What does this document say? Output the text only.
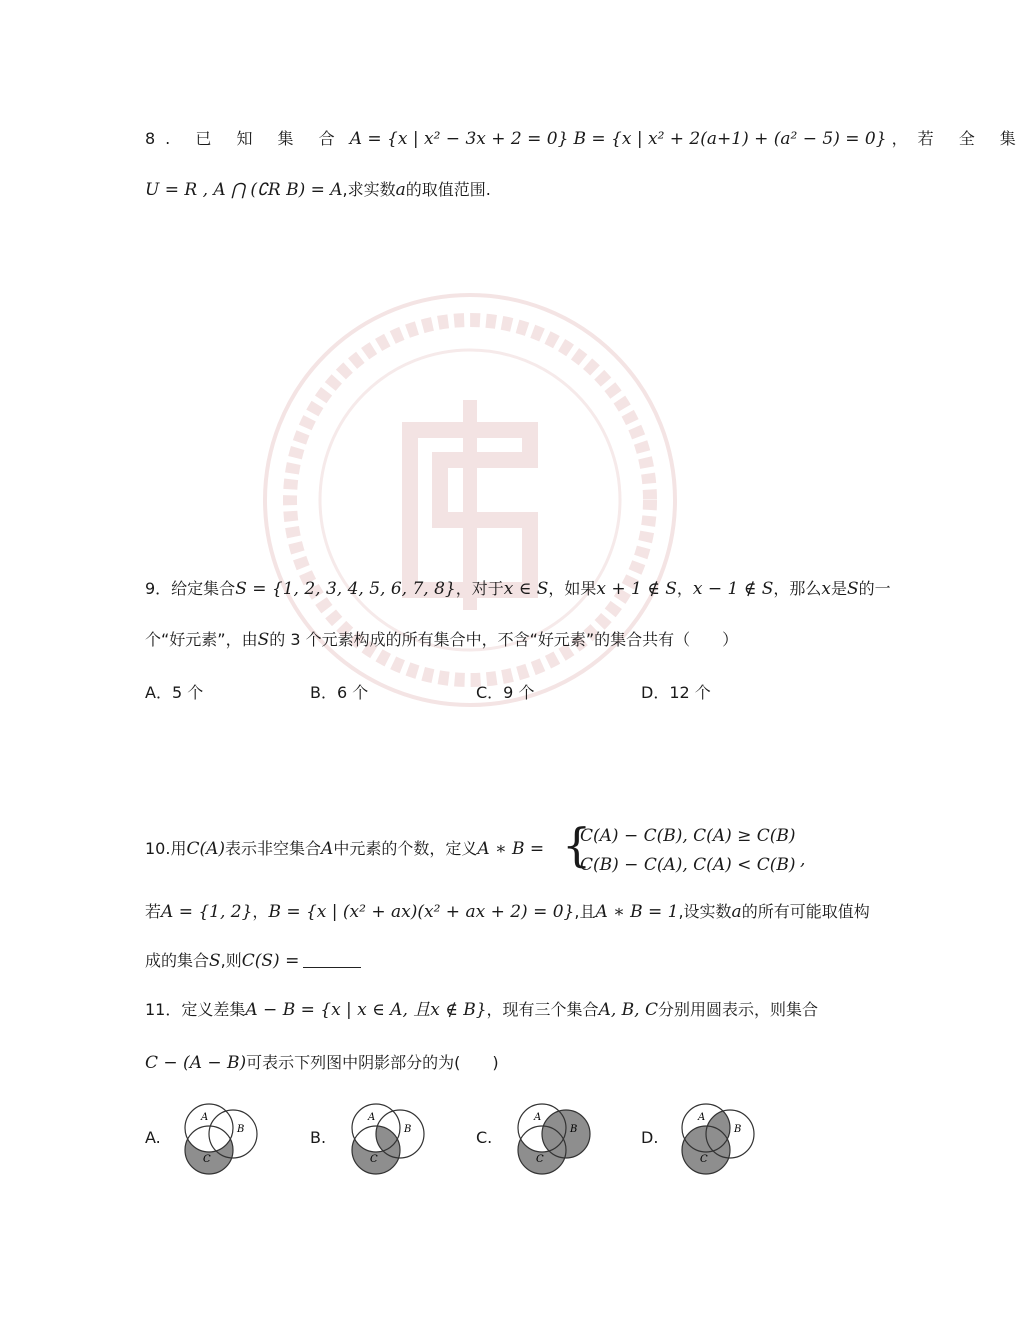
8. 已 知 集 合 A = {x | x² − 3x + 2 = 0} B = {x | x² + 2(a+1) + (a² − 5) = 0} ，若 全 集
U = R , A ⋂ (∁R B) = A,求实数a的取值范围.
9．给定集合S = {1, 2, 3, 4, 5, 6, 7, 8}，对于x ∈ S，如果x + 1 ∉ S，x − 1 ∉ S，那么x是S的一
个“好元素”，由S的 3 个元素构成的所有集合中，不含“好元素”的集合共有（　　）
A．5 个	B．6 个	C．9 个	D．12 个
10.用C(A)表示非空集合A中元素的个数，定义A ∗ B = {
C(A) − C(B), C(A) ≥ C(B)
C(B) − C(A), C(A) < C(B) ,
若A = {1, 2}，B = {x | (x² + ax)(x² + ax + 2) = 0},且A ∗ B = 1,设实数a的所有可能取值构
成的集合S,则C(S) =
11．定义差集A − B = {x | x ∈ A, 且x ∉ B}，现有三个集合A, B, C分别用圆表示，则集合
C − (A − B)可表示下列图中阴影部分的为(　　)
A.	B.	C.	D.
A
B
C
A
B
C
A
B
C
A
B
C
